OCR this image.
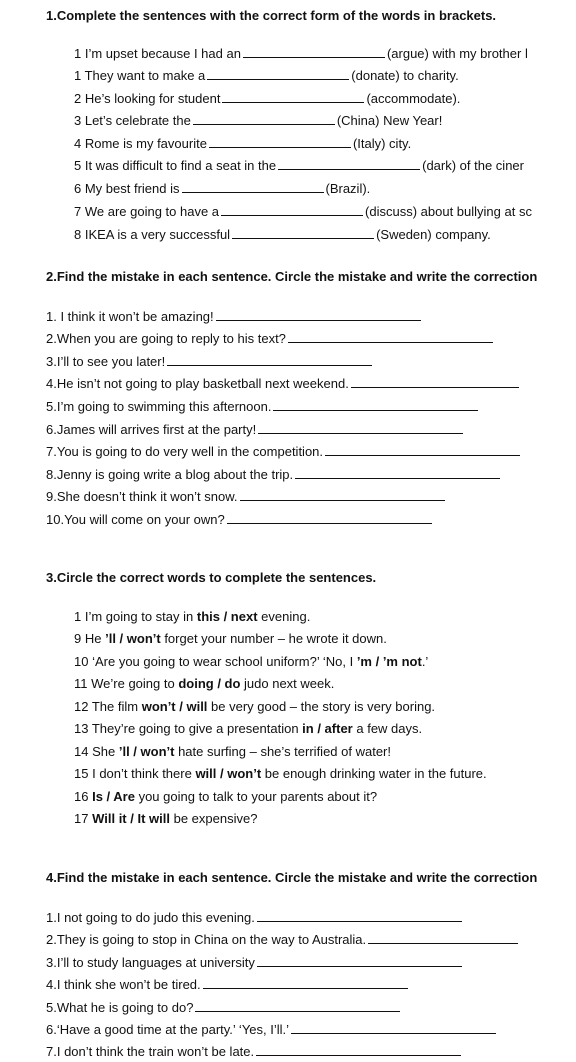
1.Complete the sentences with the correct form of the words in brackets.
1 I’m upset because I had an	(argue) with my brother l
1 They want to make a	(donate) to charity.
2 He’s looking for student	(accommodate).
3 Let’s celebrate the	(China) New Year!
4 Rome is my favourite	(Italy) city.
5 It was difficult to find a seat in the	(dark) of the ciner
6 My best friend is	(Brazil).
7 We are going to have a	(discuss) about bullying at sc
8 IKEA is a very successful	(Sweden) company.
2.Find the mistake in each sentence. Circle the mistake and write the correction
1. I think it won’t be amazing!
2.When you are going to reply to his text?
3.I’ll to see you later!
4.He isn’t not going to play basketball next weekend.
5.I’m going to swimming this afternoon.
6.James will arrives first at the party!
7.You is going to do very well in the competition.
8.Jenny is going write a blog about the trip.
9.She doesn’t think it won’t snow.
10.You will come on your own?
3.Circle the correct words to complete the sentences.
1 I’m going to stay in this / next evening.
9 He ’ll / won’t forget your number – he wrote it down.
10 ‘Are you going to wear school uniform?’ ‘No, I ’m / ’m not.’
11 We’re going to doing / do judo next week.
12 The film won’t / will be very good – the story is very boring.
13 They’re going to give a presentation in / after a few days.
14 She ’ll / won’t hate surfing – she’s terrified of water!
15 I don’t think there will / won’t be enough drinking water in the future.
16 Is / Are you going to talk to your parents about it?
17 Will it / It will be expensive?
4.Find the mistake in each sentence. Circle the mistake and write the correction
1.I not going to do judo this evening.
2.They is going to stop in China on the way to Australia.
3.I’ll to study languages at university
4.I think she won’t be tired.
5.What he is going to do?
6.‘Have a good time at the party.’ ‘Yes, I’ll.’
7.I don’t think the train won’t be late.
